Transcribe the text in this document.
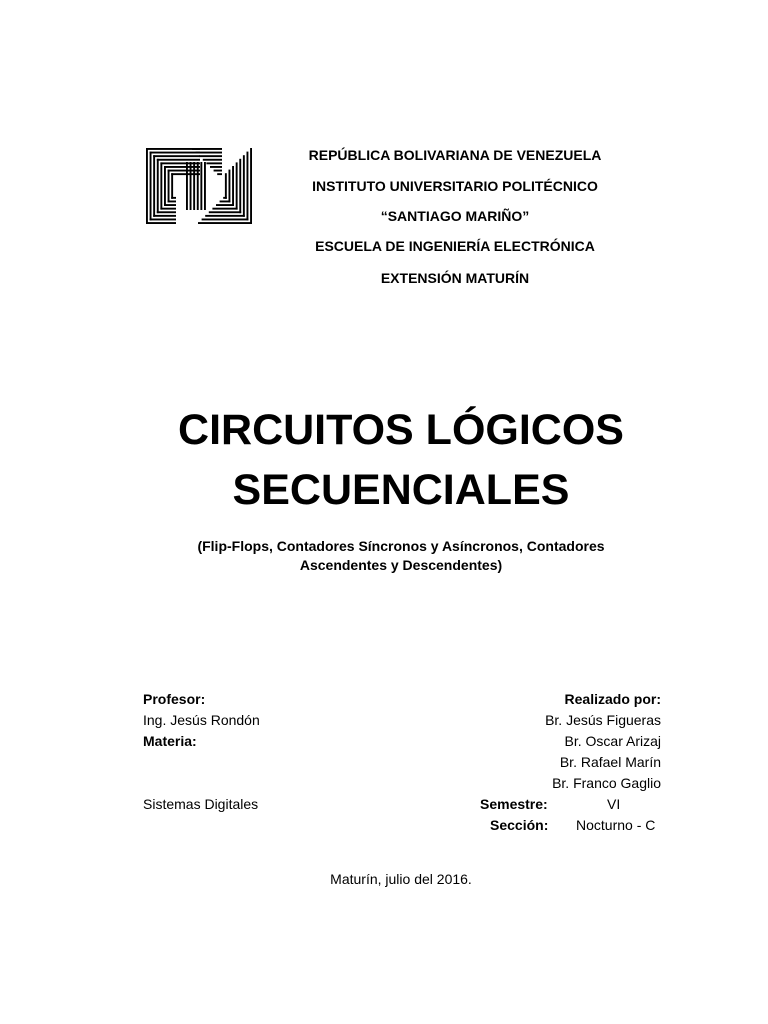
REPÚBLICA BOLIVARIANA DE VENEZUELA
INSTITUTO UNIVERSITARIO POLITÉCNICO
“SANTIAGO MARIÑO”
ESCUELA DE INGENIERÍA ELECTRÓNICA
EXTENSIÓN MATURÍN
CIRCUITOS LÓGICOS
SECUENCIALES
(Flip-Flops, Contadores Síncronos y Asíncronos, Contadores
Ascendentes y Descendentes)
Profesor:
Ing. Jesús Rondón
Materia:
Sistemas Digitales
Realizado por:
Br. Jesús Figueras
Br. Oscar Arizaj
Br. Rafael Marín
Br. Franco Gaglio
Semestre:	VI
Sección: Nocturno - C
Maturín, julio del 2016.
